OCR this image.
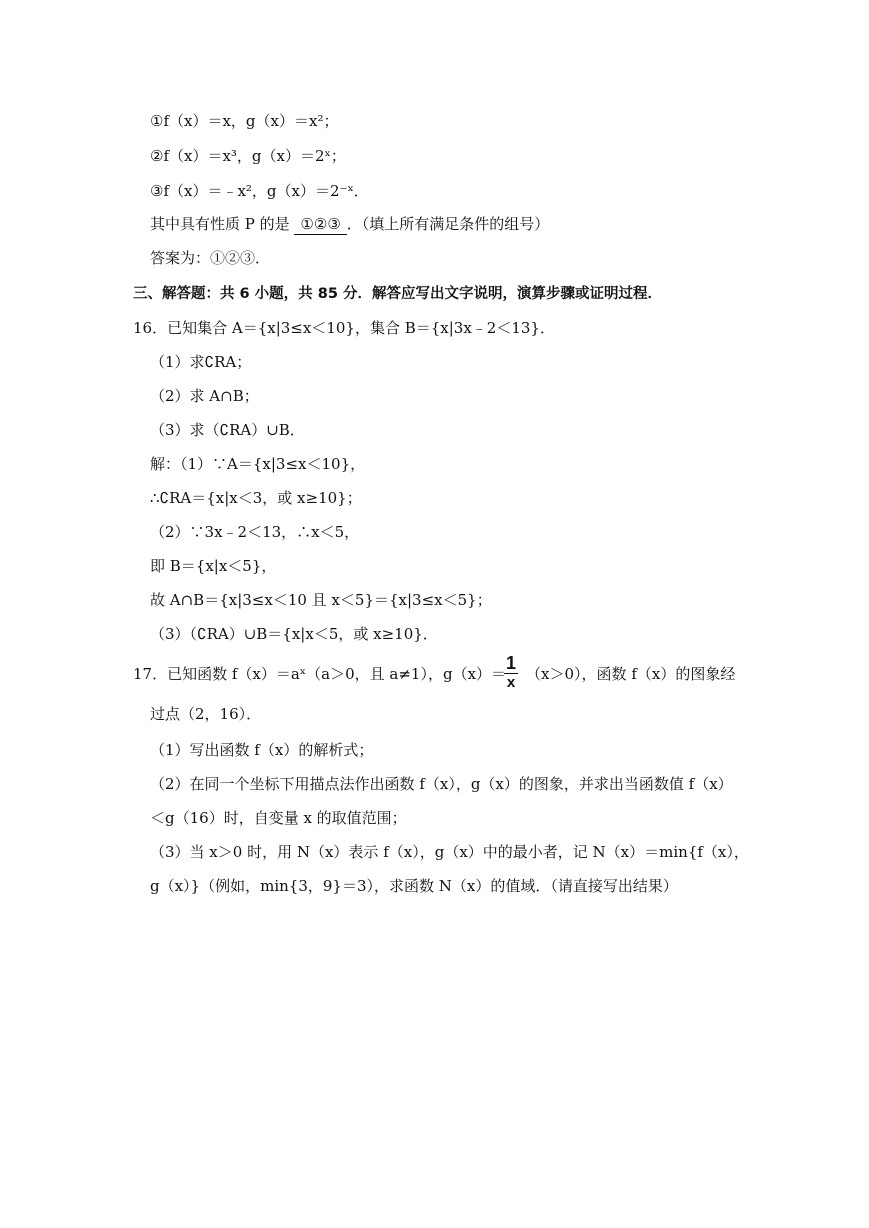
①f（x）＝x，g（x）＝x²；
②f（x）＝x³，g（x）＝2ˣ；
③f（x）＝﹣x²，g（x）＝2⁻ˣ．
其中具有性质 P 的是 ①②③ ．（填上所有满足条件的组号）
答案为：①②③．
三、解答题：共 6 小题，共 85 分．解答应写出文字说明，演算步骤或证明过程．
16．已知集合 A＝{x|3≤x＜10}，集合 B＝{x|3x﹣2＜13}．
（1）求∁RA；
（2）求 A∩B；
（3）求（∁RA）∪B．
解：（1）∵A＝{x|3≤x＜10}，
∴∁RA＝{x|x＜3，或 x≥10}；
（2）∵3x﹣2＜13，∴x＜5，
即 B＝{x|x＜5}，
故 A∩B＝{x|3≤x＜10 且 x＜5}＝{x|3≤x＜5}；
（3）（∁RA）∪B＝{x|x＜5，或 x≥10}．
17．已知函数 f（x）＝aˣ（a＞0，且 a≠1），g（x）＝ （x＞0），函数 f（x）的图象经
1
x
过点（2，16）．
（1）写出函数 f（x）的解析式；
（2）在同一个坐标下用描点法作出函数 f（x），g（x）的图象，并求出当函数值 f（x）
＜g（16）时，自变量 x 的取值范围；
（3）当 x＞0 时，用 N（x）表示 f（x），g（x）中的最小者，记 N（x）＝min{f（x），
g（x）}（例如，min{3，9}＝3），求函数 N（x）的值域．（请直接写出结果）
